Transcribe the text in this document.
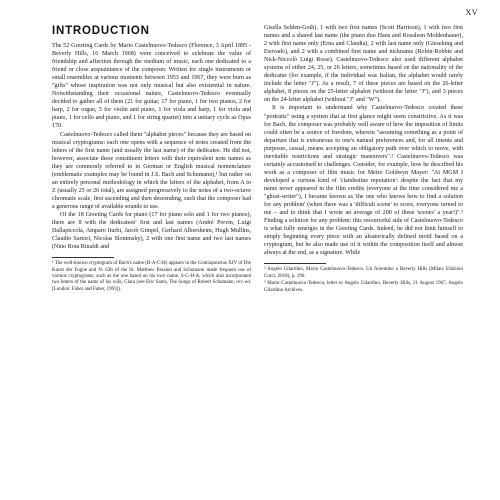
XV
INTRODUCTION

The 52 Greeting Cards by Mario Castelnuovo-Tedesco (Florence, 3 April 1895 - Beverly Hills, 16 March 1968) were conceived to celebrate the value of friendship and affection through the medium of music, each one dedicated to a friend or close acquaintance of the composer. Written for single instruments or small ensembles at various moments between 1953 and 1967, they were born as "gifts" whose inspiration was not only musical but also existential in nature. Notwithstanding their occasional nature, Castelnuovo-Tedesco eventually decided to gather all of them (21 for guitar, 17 for piano, 1 for two pianos, 2 for harp, 2 for organ, 5 for violin and piano, 1 for viola and harp, 1 for viola and piano, 1 for cello and piano, and 1 for string quartet) into a unitary cycle as Opus 170.

Castelnuovo-Tedesco called them "alphabet pieces" because they are based on musical cryptograms: each one opens with a sequence of notes created from the letters of the first name (and usually the last name) of the dedicatee. He did not, however, associate these constituent letters with their equivalent note names as they are commonly referred to in German or English musical nomenclature (emblematic examples may be found in J.S. Bach and Schumann),¹ but rather on an entirely personal methodology in which the letters of the alphabet, from A to Z (usually 25 or 26 total), are assigned progressively to the notes of a two-octave chromatic scale, first ascending and then descending, such that the composer had a generous range of available sounds to use.

Of the 18 Greeting Cards for piano (17 for piano solo and 1 for two pianos), there are 8 with the dedicatees' first and last names (André Previn, Luigi Dallapiccola, Amparo Iturbi, Jacob Gimpel, Gerhard Albersheim, Hugh Mullins, Claudio Sartori, Nicolas Slonimsky), 2 with one first name and two last names (Nino Rota Rinaldi and

¹ The well-known cryptogram of Bach's name (B-A-C-H) appears in the Contrapunctus XIV of Die Kunst der Fugue and N. 63b of the St. Matthew Passion and Schumann made frequent use of various cryptograms, such as the one based on his own name, S-C-H-A, which also incorporated two letters of the name of his wife, Clara (see Eric Sams, The Songs of Robert Schumann, rev. ed. [London: Faber and Faber, 1993]).

Gisella Selden-Goth), 1 with two first names (Scott Harrison), 1 with two first names and a shared last name (the piano duo Hans and Rosaleen Moldenhauer), 2 with first name only (Erna and Claudia), 2 with last name only (Gieseking and Esovado), and 2 with a combined first name and nickname (Robin-Robbie and Nick-Niccolò Luigi Rossi). Castelnuovo-Tedesco also used different alphabet systems of either 24, 25, or 26 letters, sometimes based on the nationality of the dedicatee (for example, if the individual was Italian, the alphabet would rarely include the letter "J"). As a result, 7 of these pieces are based on the 26-letter alphabet, 8 pieces on the 25-letter alphabet (without the letter "J"), and 3 pieces on the 24-letter alphabet (without "J" and "W").

It is important to understand why Castelnuovo-Tedesco created these "portraits" using a system that at first glance might seem constrictive. As it was for Bach, the composer was probably well aware of how the imposition of limits could often be a source of freedom, wherein "assuming something as a point of departure that is extraneous to one's natural preferences and, for all intents and purposes, casual, means accepting an obligatory path over which to move, with inevitable restrictions and strategic maneuvers".² Castelnuovo-Tedesco was certainly accustomed to challenges. Consider, for example, how he described his work as a composer of film music for Metro Goldwyn Mayer: "At MGM I developed a curious kind of 'clandestine reputation': despite the fact that my name never appeared in the film credits (everyone at the time considered me a "ghost-writer"), I became known as 'the one who knows how to find a solution for any problem' (when there was a 'difficult scene' to score, everyone turned to me – and to think that I wrote an average of 200 of these 'scenes' a year!)".³ Finding a solution for any problem: this resourceful side of Castelnuovo-Tedesco is what fully emerges in the Greeting Cards. Indeed, he did not limit himself to simply beginning every piece with an aleatorically defined motif based on a cryptogram, but he also made use of it within the composition itself and almost always at the end, as a signature. While

² Angelo Gilardino, Mario Castelnuovo-Tedesco. Un fiorentino a Beverly Hills (Milan: Edizioni Curci, 2018), p. 196.

³ Mario Castelnuovo-Tedesco, letter to Angelo Gilardino, Beverly Hills, 21 August 1967, Angelo Gilardino Archives.
